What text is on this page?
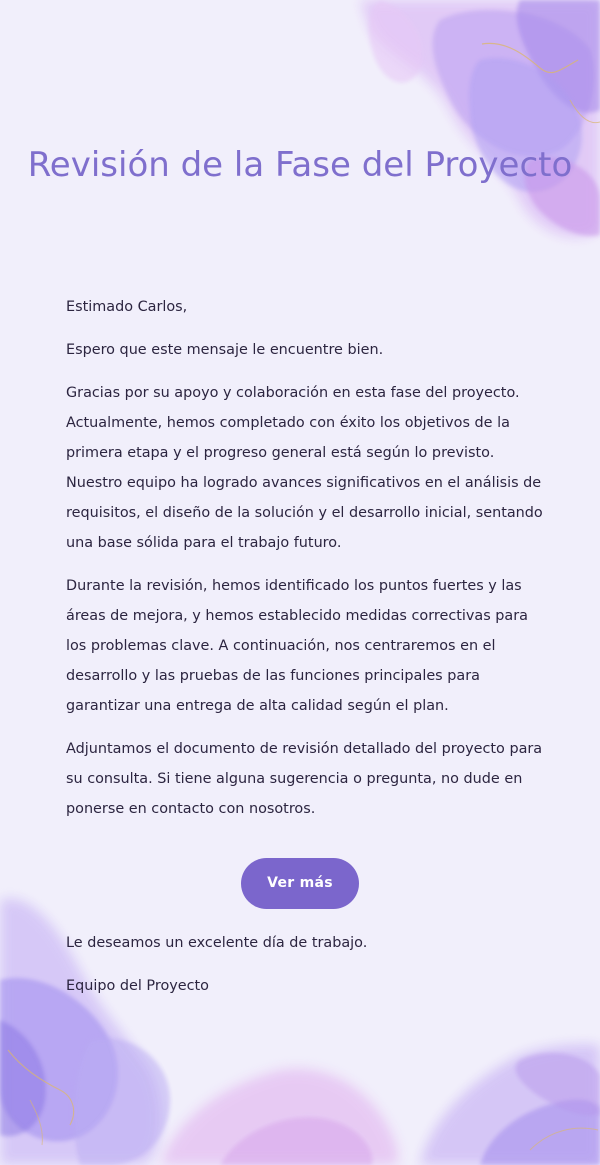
Revisión de la Fase del Proyecto

Estimado Carlos,

Espero que este mensaje le encuentre bien.

Gracias por su apoyo y colaboración en esta fase del proyecto. Actualmente, hemos completado con éxito los objetivos de la primera etapa y el progreso general está según lo previsto. Nuestro equipo ha logrado avances significativos en el análisis de requisitos, el diseño de la solución y el desarrollo inicial, sentando una base sólida para el trabajo futuro.

Durante la revisión, hemos identificado los puntos fuertes y las áreas de mejora, y hemos establecido medidas correctivas para los problemas clave. A continuación, nos centraremos en el desarrollo y las pruebas de las funciones principales para garantizar una entrega de alta calidad según el plan.

Adjuntamos el documento de revisión detallado del proyecto para su consulta. Si tiene alguna sugerencia o pregunta, no dude en ponerse en contacto con nosotros.

Ver más

Le deseamos un excelente día de trabajo.

Equipo del Proyecto
